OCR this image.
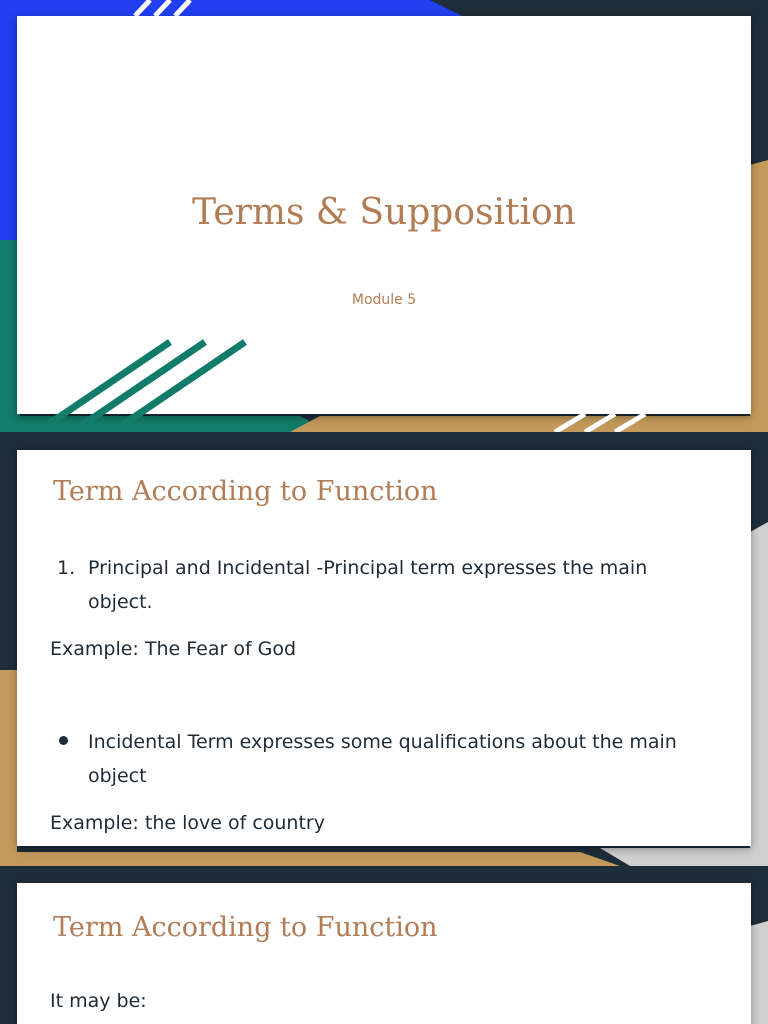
Terms & Supposition
Module 5
Term According to Function
1. Principal and Incidental -Principal term expresses the main object.
Example: The Fear of God
Incidental Term expresses some qualifications about the main object
Example: the love of country
Term According to Function
It may be:
